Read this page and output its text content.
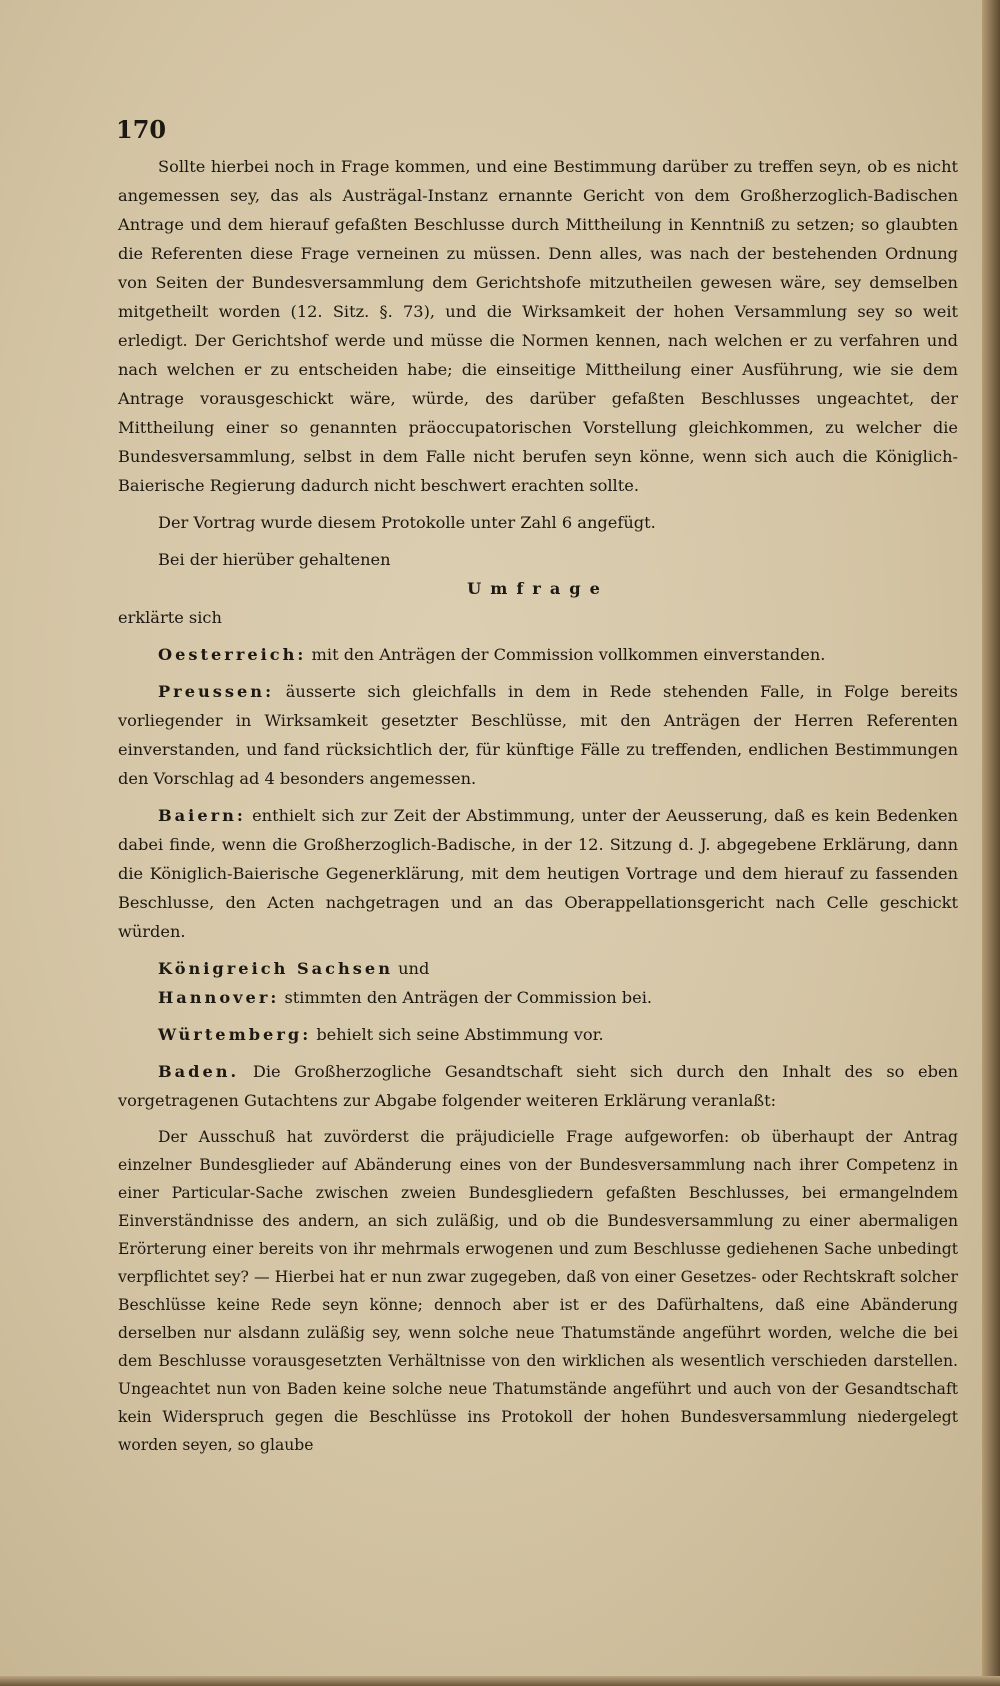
170

Sollte hierbei noch in Frage kommen, und eine Bestimmung darüber zu treffen seyn, ob es nicht angemessen sey, das als Austrägal-Instanz ernannte Gericht von dem Großherzoglich-Badischen Antrage und dem hierauf gefaßten Beschlusse durch Mittheilung in Kenntniß zu setzen; so glaubten die Referenten diese Frage verneinen zu müssen. Denn alles, was nach der bestehenden Ordnung von Seiten der Bundesversammlung dem Gerichtshofe mitzutheilen gewesen wäre, sey demselben mitgetheilt worden (12. Sitz. §. 73), und die Wirksamkeit der hohen Versammlung sey so weit erledigt. Der Gerichtshof werde und müsse die Normen kennen, nach welchen er zu verfahren und nach welchen er zu entscheiden habe; die einseitige Mittheilung einer Ausführung, wie sie dem Antrage vorausgeschickt wäre, würde, des darüber gefaßten Beschlusses ungeachtet, der Mittheilung einer so genannten präoccupatorischen Vorstellung gleichkommen, zu welcher die Bundesversammlung, selbst in dem Falle nicht berufen seyn könne, wenn sich auch die Königlich-Baierische Regierung dadurch nicht beschwert erachten sollte.

Der Vortrag wurde diesem Protokolle unter Zahl 6 angefügt.

Bei der hierüber gehaltenen

Umfrage

erklärte sich

Oesterreich: mit den Anträgen der Commission vollkommen einverstanden.

Preussen: äusserte sich gleichfalls in dem in Rede stehenden Falle, in Folge bereits vorliegender in Wirksamkeit gesetzter Beschlüsse, mit den Anträgen der Herren Referenten einverstanden, und fand rücksichtlich der, für künftige Fälle zu treffenden, endlichen Bestimmungen den Vorschlag ad 4 besonders angemessen.

Baiern: enthielt sich zur Zeit der Abstimmung, unter der Aeusserung, daß es kein Bedenken dabei finde, wenn die Großherzoglich-Badische, in der 12. Sitzung d. J. abgegebene Erklärung, dann die Königlich-Baierische Gegenerklärung, mit dem heutigen Vortrage und dem hierauf zu fassenden Beschlusse, den Acten nachgetragen und an das Oberappellationsgericht nach Celle geschickt würden.

Königreich Sachsen und

Hannover: stimmten den Anträgen der Commission bei.

Würtemberg: behielt sich seine Abstimmung vor.

Baden. Die Großherzogliche Gesandtschaft sieht sich durch den Inhalt des so eben vorgetragenen Gutachtens zur Abgabe folgender weiteren Erklärung veranlaßt:

Der Ausschuß hat zuvörderst die präjudicielle Frage aufgeworfen: ob überhaupt der Antrag einzelner Bundesglieder auf Abänderung eines von der Bundesversammlung nach ihrer Competenz in einer Particular-Sache zwischen zweien Bundesgliedern gefaßten Beschlusses, bei ermangelndem Einverständnisse des andern, an sich zuläßig, und ob die Bundesversammlung zu einer abermaligen Erörterung einer bereits von ihr mehrmals erwogenen und zum Beschlusse gediehenen Sache unbedingt verpflichtet sey? — Hierbei hat er nun zwar zugegeben, daß von einer Gesetzes- oder Rechtskraft solcher Beschlüsse keine Rede seyn könne; dennoch aber ist er des Dafürhaltens, daß eine Abänderung derselben nur alsdann zuläßig sey, wenn solche neue Thatumstände angeführt worden, welche die bei dem Beschlusse vorausgesetzten Verhältnisse von den wirklichen als wesentlich verschieden darstellen. Ungeachtet nun von Baden keine solche neue Thatumstände angeführt und auch von der Gesandtschaft kein Widerspruch gegen die Beschlüsse ins Protokoll der hohen Bundesversammlung niedergelegt worden seyen, so glaube
